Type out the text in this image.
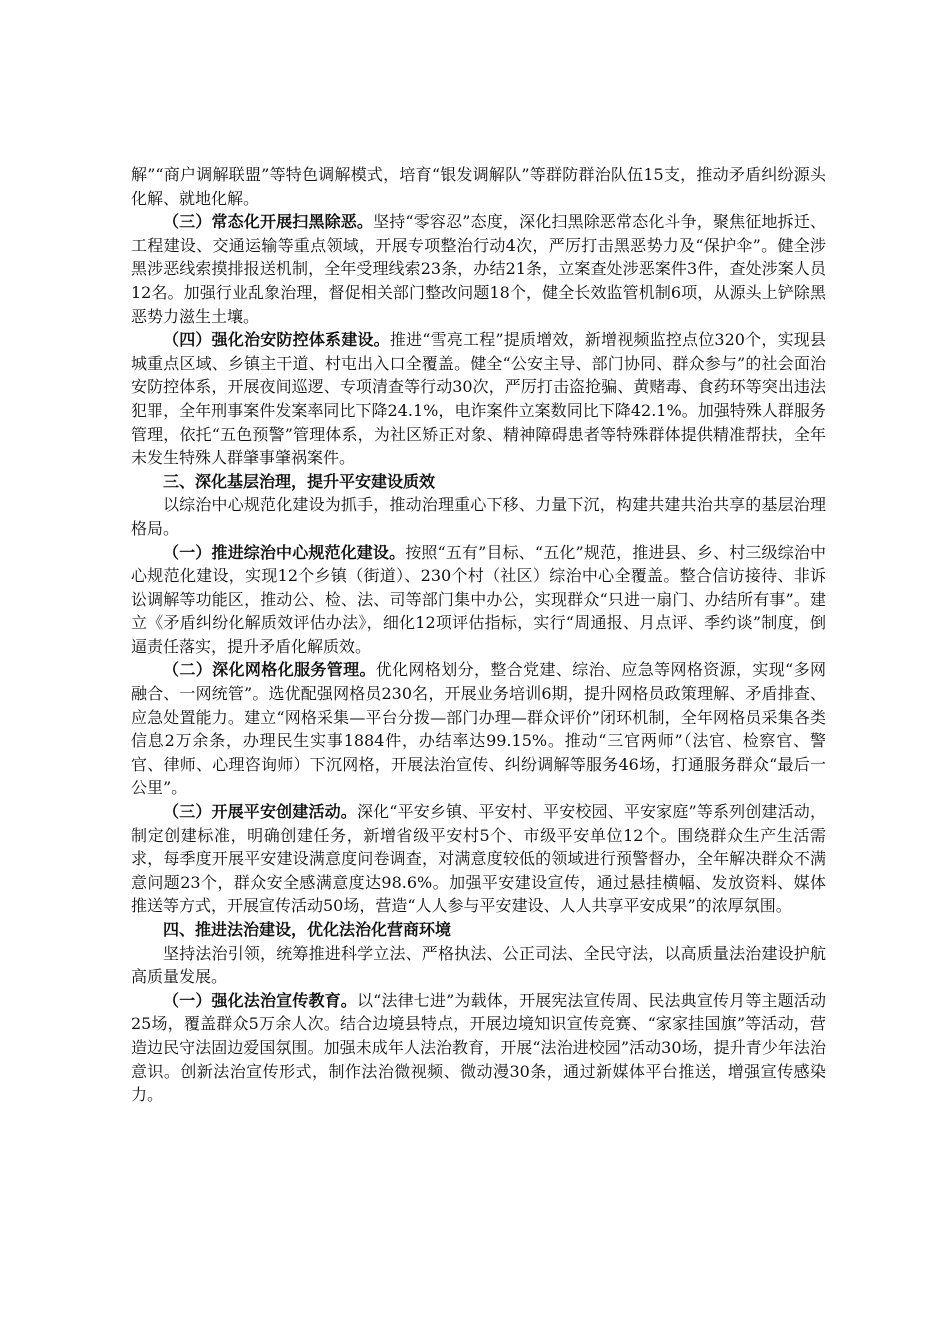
解”“商户调解联盟”等特色调解模式，培育“银发调解队”等群防群治队伍15支，推动矛盾纠纷源头化解、就地化解。

（三）常态化开展扫黑除恶。坚持“零容忍”态度，深化扫黑除恶常态化斗争，聚焦征地拆迁、工程建设、交通运输等重点领域，开展专项整治行动4次，严厉打击黑恶势力及“保护伞”。健全涉黑涉恶线索摸排报送机制，全年受理线索23条，办结21条，立案查处涉恶案件3件，查处涉案人员12名。加强行业乱象治理，督促相关部门整改问题18个，健全长效监管机制6项，从源头上铲除黑恶势力滋生土壤。

（四）强化治安防控体系建设。推进“雪亮工程”提质增效，新增视频监控点位320个，实现县城重点区域、乡镇主干道、村屯出入口全覆盖。健全“公安主导、部门协同、群众参与”的社会面治安防控体系，开展夜间巡逻、专项清查等行动30次，严厉打击盗抢骗、黄赌毒、食药环等突出违法犯罪，全年刑事案件发案率同比下降24.1%，电诈案件立案数同比下降42.1%。加强特殊人群服务管理，依托“五色预警”管理体系，为社区矫正对象、精神障碍患者等特殊群体提供精准帮扶，全年未发生特殊人群肇事肇祸案件。

三、深化基层治理，提升平安建设质效

以综治中心规范化建设为抓手，推动治理重心下移、力量下沉，构建共建共治共享的基层治理格局。

（一）推进综治中心规范化建设。按照“五有”目标、“五化”规范，推进县、乡、村三级综治中心规范化建设，实现12个乡镇（街道）、230个村（社区）综治中心全覆盖。整合信访接待、非诉讼调解等功能区，推动公、检、法、司等部门集中办公，实现群众“只进一扇门、办结所有事”。建立《矛盾纠纷化解质效评估办法》，细化12项评估指标，实行“周通报、月点评、季约谈”制度，倒逼责任落实，提升矛盾化解质效。

（二）深化网格化服务管理。优化网格划分，整合党建、综治、应急等网格资源，实现“多网融合、一网统管”。选优配强网格员230名，开展业务培训6期，提升网格员政策理解、矛盾排查、应急处置能力。建立“网格采集—平台分拨—部门办理—群众评价”闭环机制，全年网格员采集各类信息2万余条，办理民生实事1884件，办结率达99.15%。推动“三官两师”（法官、检察官、警官、律师、心理咨询师）下沉网格，开展法治宣传、纠纷调解等服务46场，打通服务群众“最后一公里”。

（三）开展平安创建活动。深化“平安乡镇、平安村、平安校园、平安家庭”等系列创建活动，制定创建标准，明确创建任务，新增省级平安村5个、市级平安单位12个。围绕群众生产生活需求，每季度开展平安建设满意度问卷调查，对满意度较低的领域进行预警督办，全年解决群众不满意问题23个，群众安全感满意度达98.6%。加强平安建设宣传，通过悬挂横幅、发放资料、媒体推送等方式，开展宣传活动50场，营造“人人参与平安建设、人人共享平安成果”的浓厚氛围。

四、推进法治建设，优化法治化营商环境

坚持法治引领，统筹推进科学立法、严格执法、公正司法、全民守法，以高质量法治建设护航高质量发展。

（一）强化法治宣传教育。以“法律七进”为载体，开展宪法宣传周、民法典宣传月等主题活动25场，覆盖群众5万余人次。结合边境县特点，开展边境知识宣传竞赛、“家家挂国旗”等活动，营造边民守法固边爱国氛围。加强未成年人法治教育，开展“法治进校园”活动30场，提升青少年法治意识。创新法治宣传形式，制作法治微视频、微动漫30条，通过新媒体平台推送，增强宣传感染力。
